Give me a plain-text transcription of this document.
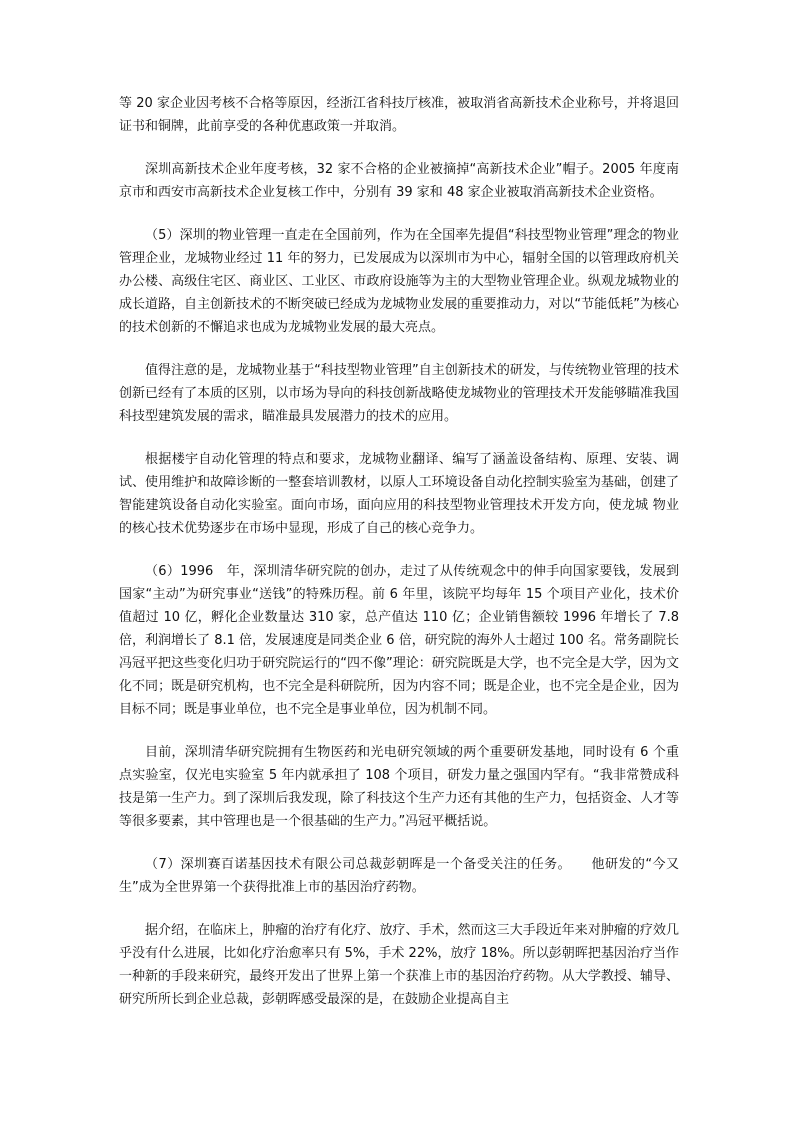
等 20 家企业因考核不合格等原因，经浙江省科技厅核准，被取消省高新技术企业称号，并将退回证书和铜牌，此前享受的各种优惠政策一并取消。

深圳高新技术企业年度考核，32 家不合格的企业被摘掉“高新技术企业”帽子。2005 年度南京市和西安市高新技术企业复核工作中，分别有 39 家和 48 家企业被取消高新技术企业资格。

（5）深圳的物业管理一直走在全国前列，作为在全国率先提倡“科技型物业管理”理念的物业管理企业，龙城物业经过 11 年的努力，已发展成为以深圳市为中心，辐射全国的以管理政府机关办公楼、高级住宅区、商业区、工业区、市政府设施等为主的大型物业管理企业。纵观龙城物业的成长道路，自主创新技术的不断突破已经成为龙城物业发展的重要推动力，对以“节能低耗”为核心的技术创新的不懈追求也成为龙城物业发展的最大亮点。

值得注意的是，龙城物业基于“科技型物业管理”自主创新技术的研发，与传统物业管理的技术创新已经有了本质的区别，以市场为导向的科技创新战略使龙城物业的管理技术开发能够瞄准我国科技型建筑发展的需求，瞄准最具发展潜力的技术的应用。

根据楼宇自动化管理的特点和要求，龙城物业翻译、编写了涵盖设备结构、原理、安装、调试、使用维护和故障诊断的一整套培训教材，以原人工环境设备自动化控制实验室为基础，创建了智能建筑设备自动化实验室。面向市场，面向应用的科技型物业管理技术开发方向，使龙城 物业的核心技术优势逐步在市场中显现，形成了自己的核心竞争力。

（6）1996　年，深圳清华研究院的创办，走过了从传统观念中的伸手向国家要钱，发展到国家“主动”为研究事业“送钱”的特殊历程。前 6 年里，该院平均每年 15 个项目产业化，技术价值超过 10 亿，孵化企业数量达 310 家，总产值达 110 亿；企业销售额较 1996 年增长了 7.8 倍，利润增长了 8.1 倍，发展速度是同类企业 6 倍，研究院的海外人士超过 100 名。常务副院长冯冠平把这些变化归功于研究院运行的“四不像”理论：研究院既是大学，也不完全是大学，因为文化不同；既是研究机构，也不完全是科研院所，因为内容不同；既是企业，也不完全是企业，因为目标不同；既是事业单位，也不完全是事业单位，因为机制不同。

目前，深圳清华研究院拥有生物医药和光电研究领域的两个重要研发基地，同时设有 6 个重点实验室，仅光电实验室 5 年内就承担了 108 个项目，研发力量之强国内罕有。“我非常赞成科技是第一生产力。到了深圳后我发现，除了科技这个生产力还有其他的生产力，包括资金、人才等等很多要素，其中管理也是一个很基础的生产力。”冯冠平概括说。

（7）深圳赛百诺基因技术有限公司总裁彭朝晖是一个备受关注的任务。　　他研发的“今又生”成为全世界第一个获得批准上市的基因治疗药物。

据介绍，在临床上，肿瘤的治疗有化疗、放疗、手术，然而这三大手段近年来对肿瘤的疗效几乎没有什么进展，比如化疗治愈率只有 5%，手术 22%，放疗 18%。所以彭朝晖把基因治疗当作一种新的手段来研究，最终开发出了世界上第一个获准上市的基因治疗药物。从大学教授、辅导、研究所所长到企业总裁，彭朝晖感受最深的是，在鼓励企业提高自主
